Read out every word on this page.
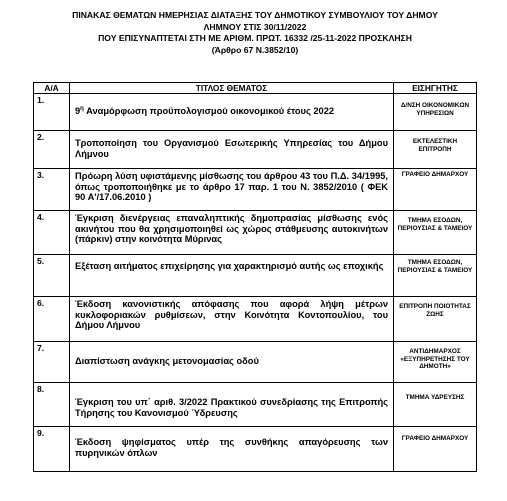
ΠΙΝΑΚΑΣ ΘΕΜΑΤΩΝ ΗΜΕΡΗΣΙΑΣ ΔΙΑΤΑΞΗΣ ΤΟΥ ΔΗΜΟΤΙΚΟΥ ΣΥΜΒΟΥΛΙΟΥ ΤΟΥ ΔΗΜΟΥ
ΛΗΜΝΟΥ ΣΤΙΣ 30/11/2022
ΠΟΥ ΕΠΙΣΥΝΑΠΤΕΤΑΙ ΣΤΗ ΜΕ ΑΡΙΘΜ. ΠΡΩΤ. 16332 /25-11-2022 ΠΡΟΣΚΛΗΣΗ
(Άρθρο 67 Ν.3852/10)
Α/Α	ΤΙΤΛΟΣ ΘΕΜΑΤΟΣ	ΕΙΣΗΓΗΤΗΣ
1.	$9^\eta$ Αναμόρφωση προϋπολογισμού οικονομικού έτους 2022	Δ/ΝΣΗ ΟΙΚΟΝΟΜΙΚΩΝ ΥΠΗΡΕΣΙΩΝ
2.	Τροποποίηση του Οργανισμού Εσωτερικής Υπηρεσίας του Δήμου Λήμνου	ΕΚΤΕΛΕΣΤΙΚΗ ΕΠΙΤΡΟΠΗ
3.	Πρόωρη λύση υφιστάμενης μίσθωσης του άρθρου 43 του Π.Δ. 34/1995, όπως τροποποιήθηκε με το άρθρο 17 παρ. 1 του Ν. 3852/2010 ( ΦΕΚ 90 Α'/17.06.2010 )	ΓΡΑΦΕΙΟ ΔΗΜΑΡΧΟΥ
4.	Έγκριση διενέργειας επαναληπτικής δημοπρασίας μίσθωσης ενός ακινήτου που θα χρησιμοποιηθεί ως χώρος στάθμευσης αυτοκινήτων (πάρκιν) στην κοινότητα Μύρινας	ΤΜΗΜΑ ΕΣΟΔΩΝ, ΠΕΡΙΟΥΣΙΑΣ & ΤΑΜΕΙΟΥ
5.	Εξέταση αιτήματος επιχείρησης για χαρακτηρισμό αυτής ως εποχικής	ΤΜΗΜΑ ΕΣΟΔΩΝ, ΠΕΡΙΟΥΣΙΑΣ & ΤΑΜΕΙΟΥ
6.	Έκδοση κανονιστικής απόφασης που αφορά λήψη μέτρων κυκλοφοριακών ρυθμίσεων, στην Κοινότητα Κοντοπουλίου, του Δήμου Λήμνου	ΕΠΙΤΡΟΠΗ ΠΟΙΟΤΗΤΑΣ ΖΩΗΣ
7.	Διαπίστωση ανάγκης μετονομασίας οδού	ΑΝΤΙΔΗΜΑΡΧΟΣ «ΕΞΥΠΗΡΕΤΗΣΗΣ ΤΟΥ ΔΗΜΟΤΗ»
8.	Έγκριση του υπ΄ αριθ. 3/2022 Πρακτικού συνεδρίασης της Επιτροπής Τήρησης του Κανονισμού Ύδρευσης	ΤΜΗΜΑ ΥΔΡΕΥΣΗΣ
9.	Έκδοση ψηφίσματος υπέρ της συνθήκης απαγόρευσης των πυρηνικών όπλων	ΓΡΑΦΕΙΟ ΔΗΜΑΡΧΟΥ
